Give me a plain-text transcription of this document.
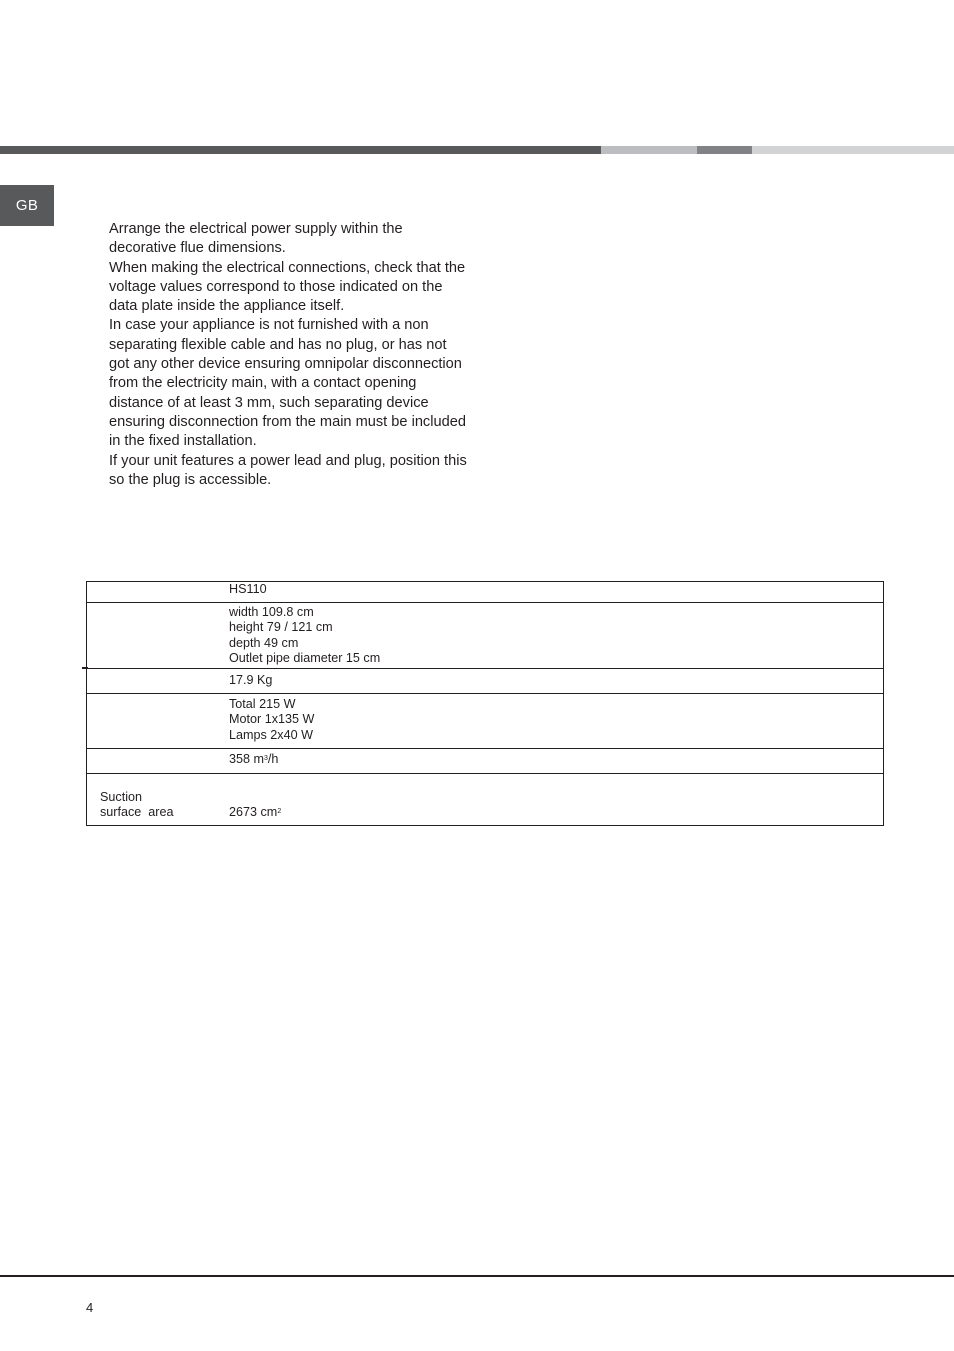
GB

Arrange the electrical power supply within the decorative flue dimensions.

When making the electrical connections, check that the voltage values correspond to those indicated on the data plate inside the appliance itself.

In case your appliance is not furnished with a non separating flexible cable and has no plug, or has not got any other device ensuring omnipolar disconnection from the electricity main, with a contact opening distance of at least 3 mm, such separating device ensuring disconnection from the main must be included in the fixed installation.

If your unit features a power lead and plug, position this so the plug is accessible.

HS110
width 109.8 cm
height 79 / 121 cm
depth 49 cm
Outlet pipe diameter 15 cm
17.9 Kg
Total 215 W
Motor 1x135 W
Lamps 2x40 W
358 $m^3/h$
Suction
surface  area	2673 $cm^2$
4
